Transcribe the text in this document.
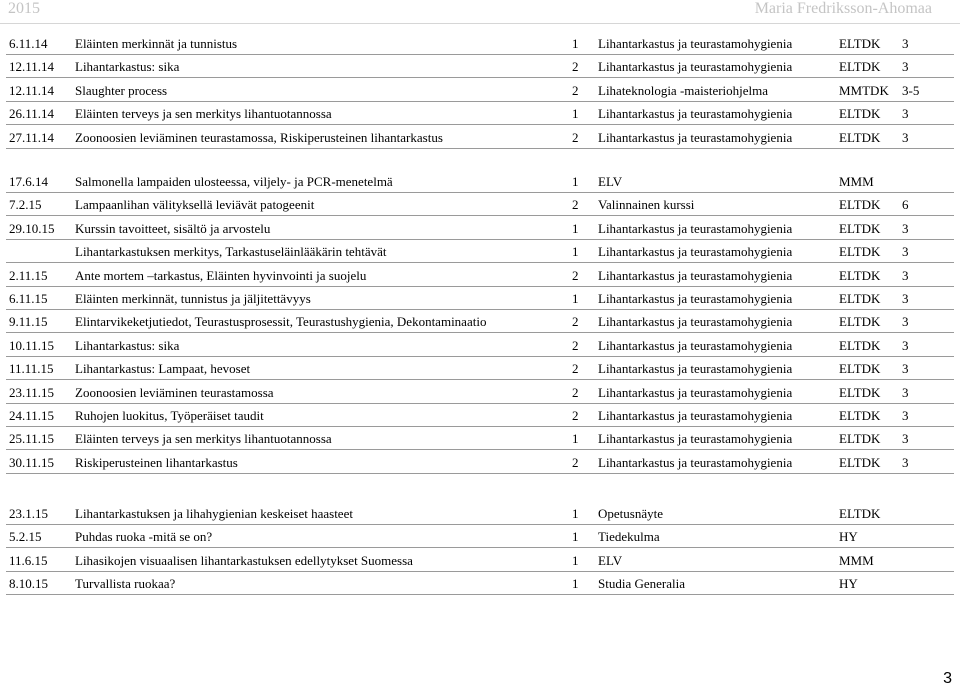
2015	Maria Fredriksson-Ahomaa
6.11.14 Eläinten merkinnät ja tunnistus	1 Lihantarkastus ja teurastamohygienia	ELTDK 3
12.11.14 Lihantarkastus: sika	2 Lihantarkastus ja teurastamohygienia	ELTDK 3
12.11.14 Slaughter process	2 Lihateknologia -maisteriohjelma	MMTDK 3-5
26.11.14 Eläinten terveys ja sen merkitys lihantuotannossa	1 Lihantarkastus ja teurastamohygienia	ELTDK 3
27.11.14 Zoonoosien leviäminen teurastamossa, Riskiperusteinen lihantarkastus	2 Lihantarkastus ja teurastamohygienia	ELTDK 3
17.6.14 Salmonella lampaiden ulosteessa, viljely- ja PCR-menetelmä	1 ELV	MMM
7.2.15	Lampaanlihan välityksellä leviävät patogeenit	2 Valinnainen kurssi	ELTDK 6
29.10.15 Kurssin tavoitteet, sisältö ja arvostelu	1 Lihantarkastus ja teurastamohygienia	ELTDK 3
Lihantarkastuksen merkitys, Tarkastuseläinlääkärin tehtävät	1 Lihantarkastus ja teurastamohygienia	ELTDK 3
2.11.15 Ante mortem –tarkastus, Eläinten hyvinvointi ja suojelu	2 Lihantarkastus ja teurastamohygienia	ELTDK 3
6.11.15 Eläinten merkinnät, tunnistus ja jäljitettävyys	1 Lihantarkastus ja teurastamohygienia	ELTDK 3
9.11.15 Elintarvikeketjutiedot, Teurastusprosessit, Teurastushygienia, Dekontaminaatio	2 Lihantarkastus ja teurastamohygienia	ELTDK 3
10.11.15 Lihantarkastus: sika	2 Lihantarkastus ja teurastamohygienia	ELTDK 3
11.11.15 Lihantarkastus: Lampaat, hevoset	2 Lihantarkastus ja teurastamohygienia	ELTDK 3
23.11.15 Zoonoosien leviäminen teurastamossa	2 Lihantarkastus ja teurastamohygienia	ELTDK 3
24.11.15 Ruhojen luokitus, Työperäiset taudit	2 Lihantarkastus ja teurastamohygienia	ELTDK 3
25.11.15 Eläinten terveys ja sen merkitys lihantuotannossa	1 Lihantarkastus ja teurastamohygienia	ELTDK 3
30.11.15 Riskiperusteinen lihantarkastus	2 Lihantarkastus ja teurastamohygienia	ELTDK 3
23.1.15 Lihantarkastuksen ja lihahygienian keskeiset haasteet	1 Opetusnäyte	ELTDK
5.2.15	Puhdas ruoka -mitä se on?	1 Tiedekulma	HY
11.6.15 Lihasikojen visuaalisen lihantarkastuksen edellytykset Suomessa	1 ELV	MMM
8.10.15 Turvallista ruokaa?	1 Studia Generalia	HY
3
